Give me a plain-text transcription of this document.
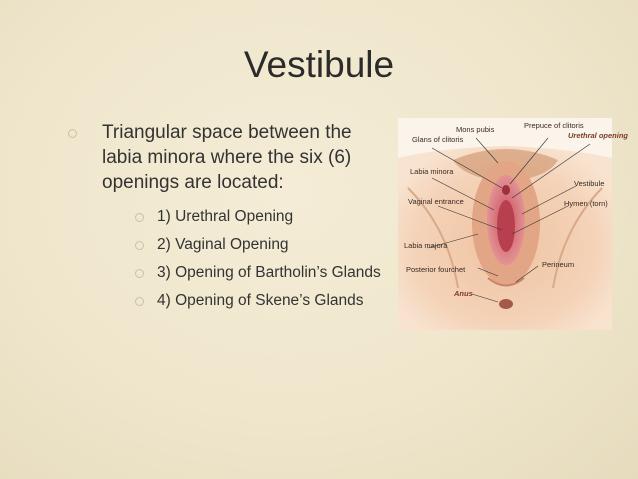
Vestibule
Triangular space between the labia minora where the six (6) openings are located:
1) Urethral Opening
2) Vaginal Opening
3) Opening of Bartholin’s Glands
4) Opening of Skene’s Glands
Glans of clitoris
Mons pubis	Prepuce of clitoris
Urethral opening
Labia minora
Vestibule
Vaginal entrance	Hymen (torn)
Labia majora
Posterior fourchet
Perineum
Anus
